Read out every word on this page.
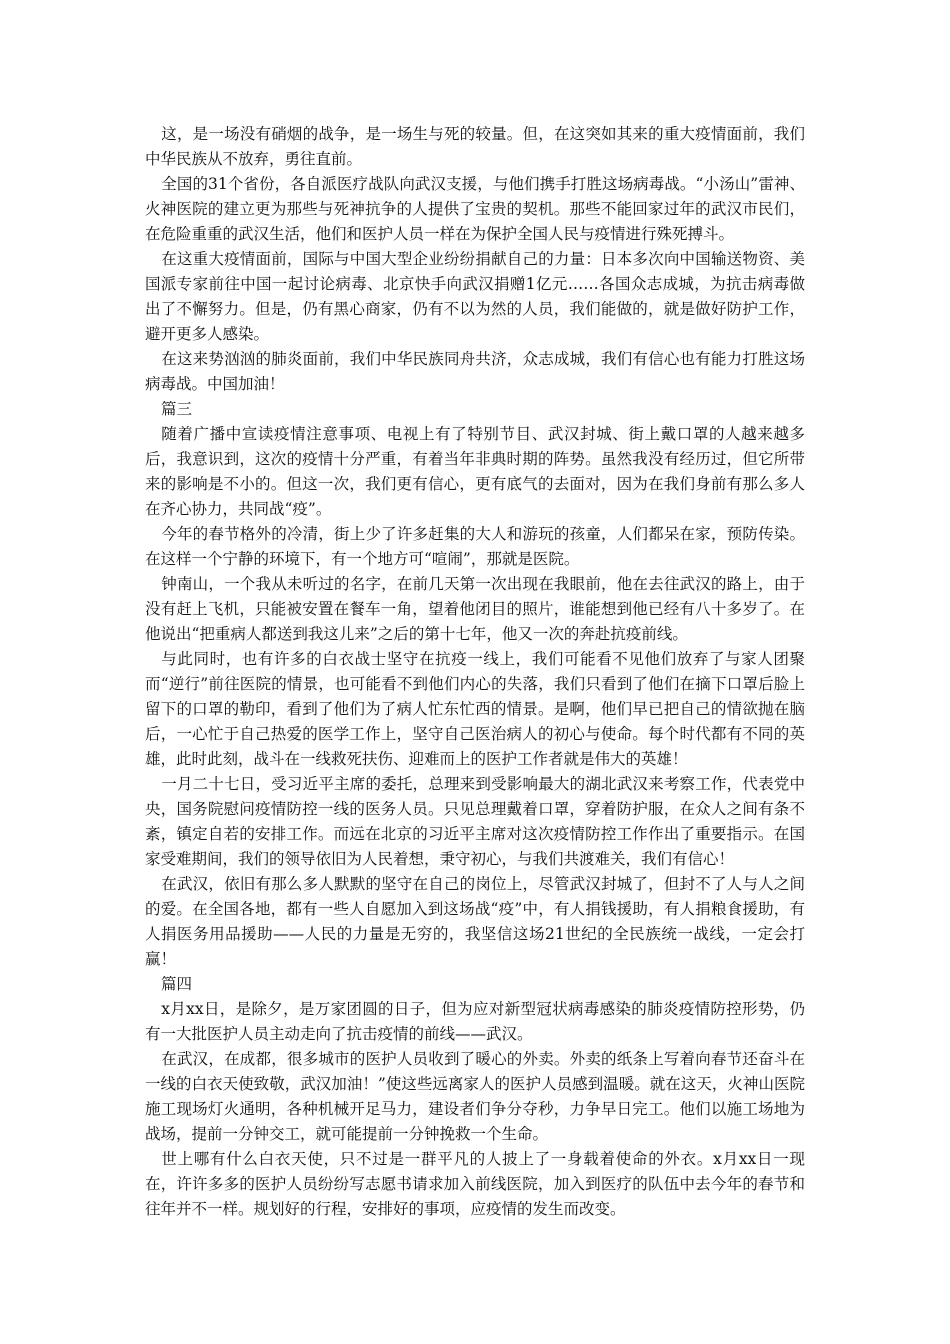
这，是一场没有硝烟的战争，是一场生与死的较量。但，在这突如其来的重大疫情面前，我们中华民族从不放弃，勇往直前。

全国的31个省份，各自派医疗战队向武汉支援，与他们携手打胜这场病毒战。“小汤山”雷神、火神医院的建立更为那些与死神抗争的人提供了宝贵的契机。那些不能回家过年的武汉市民们，在危险重重的武汉生活，他们和医护人员一样在为保护全国人民与疫情进行殊死搏斗。

在这重大疫情面前，国际与中国大型企业纷纷捐献自己的力量：日本多次向中国输送物资、美国派专家前往中国一起讨论病毒、北京快手向武汉捐赠1亿元……各国众志成城，为抗击病毒做出了不懈努力。但是，仍有黑心商家，仍有不以为然的人员，我们能做的，就是做好防护工作，避开更多人感染。

在这来势汹汹的肺炎面前，我们中华民族同舟共济，众志成城，我们有信心也有能力打胜这场病毒战。中国加油！

篇三

随着广播中宣读疫情注意事项、电视上有了特别节目、武汉封城、街上戴口罩的人越来越多后，我意识到，这次的疫情十分严重，有着当年非典时期的阵势。虽然我没有经历过，但它所带来的影响是不小的。但这一次，我们更有信心，更有底气的去面对，因为在我们身前有那么多人在齐心协力，共同战“疫”。

今年的春节格外的冷清，街上少了许多赶集的大人和游玩的孩童，人们都呆在家，预防传染。在这样一个宁静的环境下，有一个地方可“喧闹”，那就是医院。

钟南山，一个我从未听过的名字，在前几天第一次出现在我眼前，他在去往武汉的路上，由于没有赶上飞机，只能被安置在餐车一角，望着他闭目的照片，谁能想到他已经有八十多岁了。在他说出“把重病人都送到我这儿来”之后的第十七年，他又一次的奔赴抗疫前线。

与此同时，也有许多的白衣战士坚守在抗疫一线上，我们可能看不见他们放弃了与家人团聚而“逆行”前往医院的情景，也可能看不到他们内心的失落，我们只看到了他们在摘下口罩后脸上留下的口罩的勒印，看到了他们为了病人忙东忙西的情景。是啊，他们早已把自己的情欲抛在脑后，一心忙于自己热爱的医学工作上，坚守自己医治病人的初心与使命。每个时代都有不同的英雄，此时此刻，战斗在一线救死扶伤、迎难而上的医护工作者就是伟大的英雄！

一月二十七日，受习近平主席的委托，总理来到受影响最大的湖北武汉来考察工作，代表党中央，国务院慰问疫情防控一线的医务人员。只见总理戴着口罩，穿着防护服，在众人之间有条不紊，镇定自若的安排工作。而远在北京的习近平主席对这次疫情防控工作作出了重要指示。在国家受难期间，我们的领导依旧为人民着想，秉守初心，与我们共渡难关，我们有信心！

在武汉，依旧有那么多人默默的坚守在自己的岗位上，尽管武汉封城了，但封不了人与人之间的爱。在全国各地，都有一些人自愿加入到这场战“疫”中，有人捐钱援助，有人捐粮食援助，有人捐医务用品援助——人民的力量是无穷的，我坚信这场21世纪的全民族统一战线，一定会打赢！

篇四

x月xx日，是除夕，是万家团圆的日子，但为应对新型冠状病毒感染的肺炎疫情防控形势，仍有一大批医护人员主动走向了抗击疫情的前线——武汉。

在武汉，在成都，很多城市的医护人员收到了暖心的外卖。外卖的纸条上写着向春节还奋斗在一线的白衣天使致敬，武汉加油！”使这些远离家人的医护人员感到温暖。就在这天，火神山医院施工现场灯火通明，各种机械开足马力，建设者们争分夺秒，力争早日完工。他们以施工场地为战场，提前一分钟交工，就可能提前一分钟挽救一个生命。

世上哪有什么白衣天使，只不过是一群平凡的人披上了一身载着使命的外衣。x月xx日一现在，许许多多的医护人员纷纷写志愿书请求加入前线医院，加入到医疗的队伍中去今年的春节和往年并不一样。规划好的行程，安排好的事项，应疫情的发生而改变。
